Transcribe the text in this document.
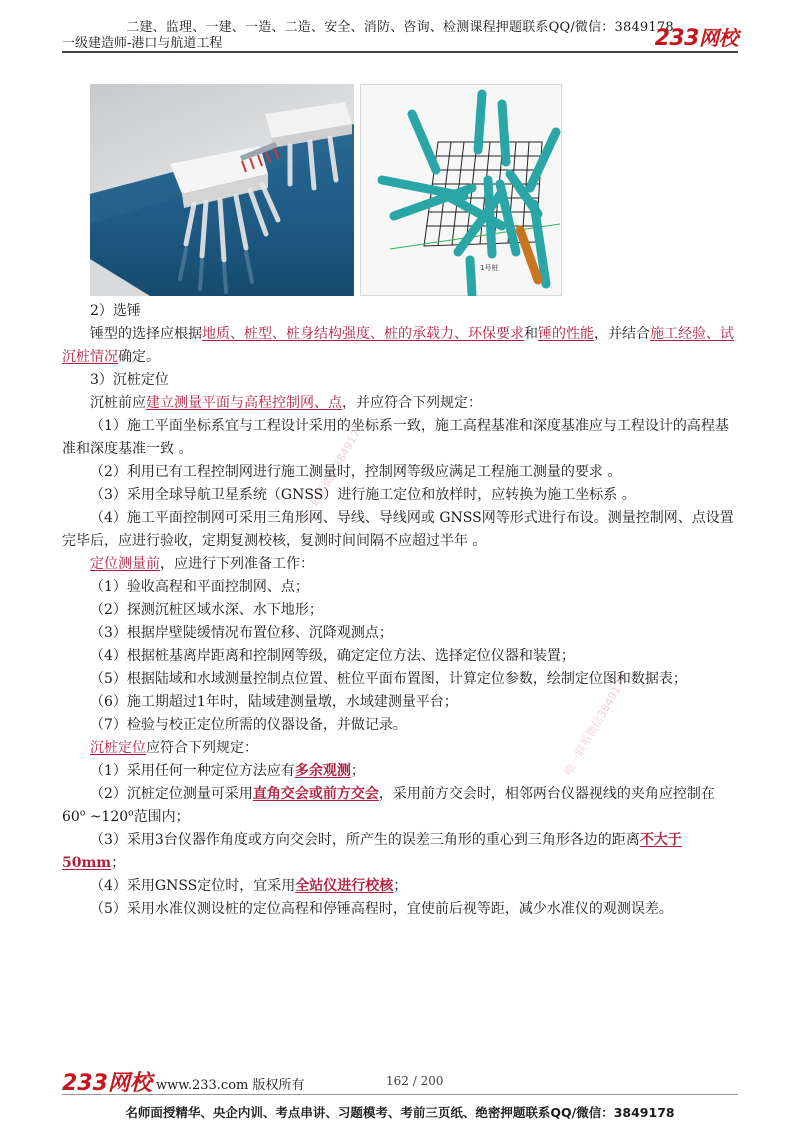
二建、监理、一建、一造、二造、安全、消防、咨询、检测课程押题联系QQ/微信：3849178
一级建造师-港口与航道工程	233网校
1号桩
唯一联系微信3849178
唯一联系微信3849178

2）选锤

锤型的选择应根据地质、桩型、桩身结构强度、桩的承载力、环保要求和锤的性能，并结合施工经验、试沉桩情况确定。

3）沉桩定位

沉桩前应建立测量平面与高程控制网、点，并应符合下列规定：

（1）施工平面坐标系宜与工程设计采用的坐标系一致，施工高程基准和深度基准应与工程设计的高程基准和深度基准一致 。

（2）利用已有工程控制网进行施工测量时，控制网等级应满足工程施工测量的要求 。

（3）采用全球导航卫星系统（GNSS）进行施工定位和放样时，应转换为施工坐标系 。

（4）施工平面控制网可采用三角形网、导线、导线网或 GNSS网等形式进行布设。测量控制网、点设置完毕后，应进行验收，定期复测校核，复测时间间隔不应超过半年 。

定位测量前，应进行下列准备工作：

（1）验收高程和平面控制网、点；

（2）探测沉桩区域水深、水下地形；

（3）根据岸壁陡缓情况布置位移、沉降观测点；

（4）根据桩基离岸距离和控制网等级，确定定位方法、选择定位仪器和装置；

（5）根据陆域和水域测量控制点位置、桩位平面布置图，计算定位参数，绘制定位图和数据表；

（6）施工期超过1年时，陆域建测量墩，水域建测量平台；

（7）检验与校正定位所需的仪器设备，并做记录。

沉桩定位应符合下列规定：

（1）采用任何一种定位方法应有多余观测；

（2）沉桩定位测量可采用直角交会或前方交会，采用前方交会时，相邻两台仪器视线的夹角应控制在60$^o$ ~120$^o$范围内；

（3）采用3台仪器作角度或方向交会时，所产生的误差三角形的重心到三角形各边的距离不大于50mm；

（4）采用GNSS定位时，宜采用全站仪进行校核；

（5）采用水准仪测设桩的定位高程和停锤高程时，宜使前后视等距，减少水准仪的观测误差。

233网校 www.233.com 版权所有	162 / 200
名师面授精华、央企内训、考点串讲、习题模考、考前三页纸、绝密押题联系QQ/微信：3849178
